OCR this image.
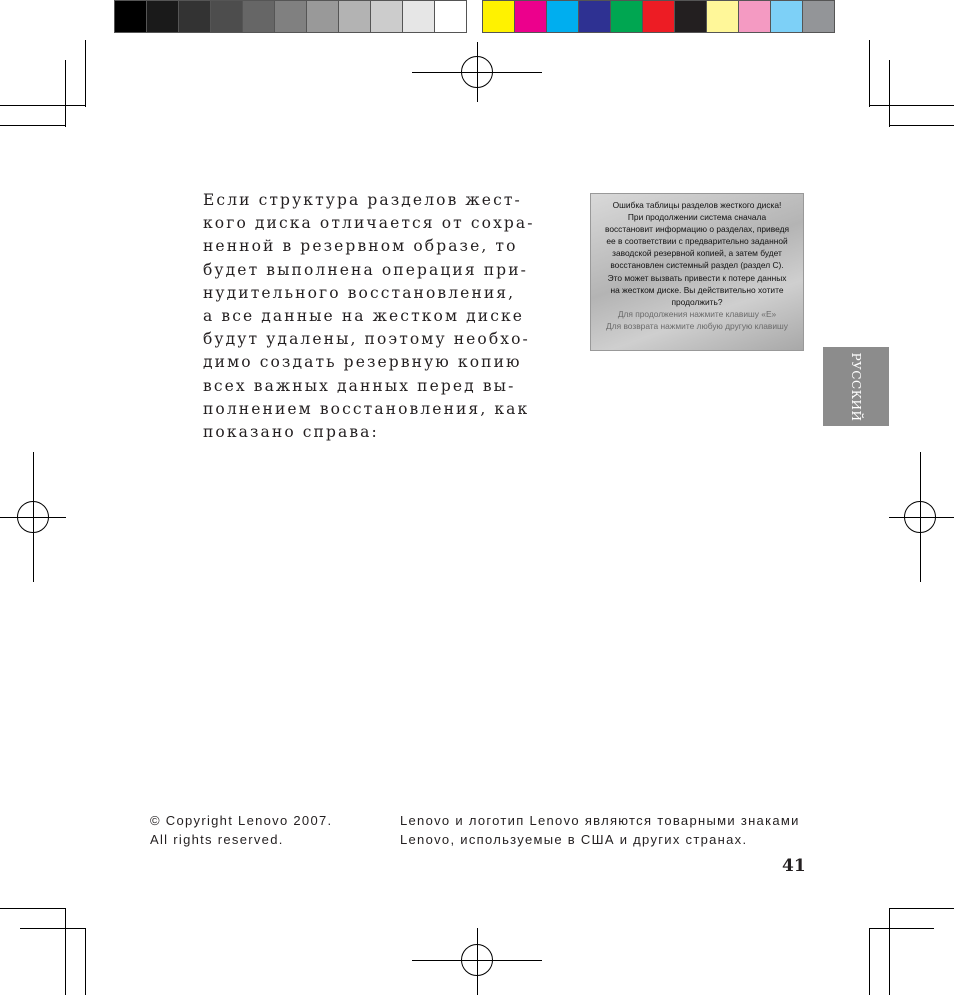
Если структура разделов жест-
кого диска отличается от сохра-
ненной в резервном образе, то
будет выполнена операция при-
нудительного восстановления,
а все данные на жестком диске
будут удалены, поэтому необхо-
димо создать резервную копию
всех важных данных перед вы-
полнением восстановления, как
показано справа:
Ошибка таблицы разделов жесткого диска!
При продолжении система сначала
восстановит информацию о разделах, приведя
ее в соответствии с предварительно заданной
заводской резервной копией, а затем будет
восстановлен системный раздел (раздел C).
Это может вызвать привести к потере данных
на жестком диске. Вы действительно хотите
продолжить?
Для продолжения нажмите клавишу «E»
Для возврата нажмите любую другую клавишу
РУССКИЙ
© Copyright Lenovo 2007.
All rights reserved.
Lenovo и логотип Lenovo являются товарными знаками
Lenovo, используемые в США и других странах.
41
